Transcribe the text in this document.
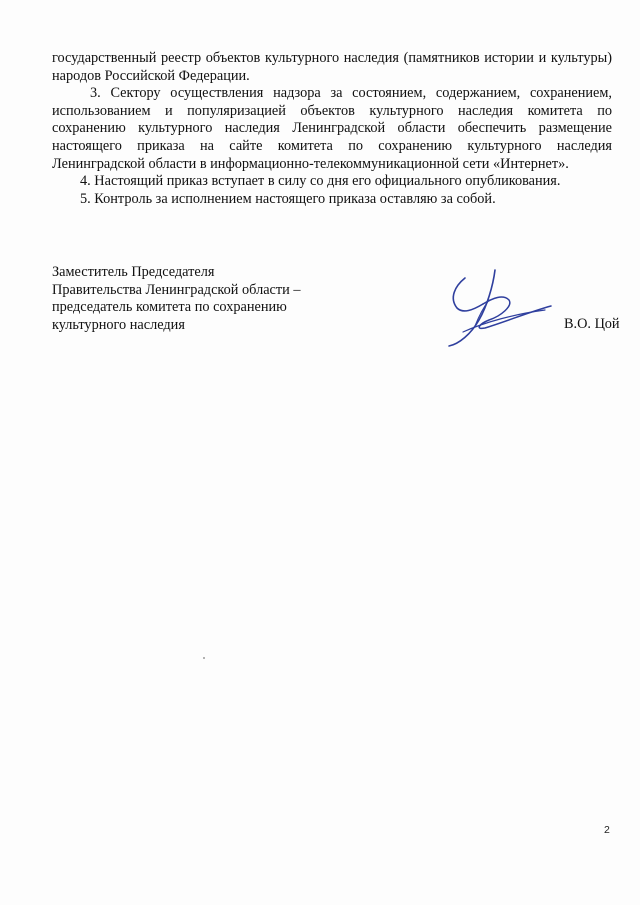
государственный реестр объектов культурного наследия (памятников истории и культуры) народов Российской Федерации.

3. Сектору осуществления надзора за состоянием, содержанием, сохранением, использованием и популяризацией объектов культурного наследия комитета по сохранению культурного наследия Ленинградской области обеспечить размещение настоящего приказа на сайте комитета по сохранению культурного наследия Ленинградской области в информационно-телекоммуникационной сети «Интернет».

4. Настоящий приказ вступает в силу со дня его официального опубликования.

5. Контроль за исполнением настоящего приказа оставляю за собой.

Заместитель Председателя
Правительства Ленинградской области –
председатель комитета по сохранению
культурного наследия	В.О. Цой
2
